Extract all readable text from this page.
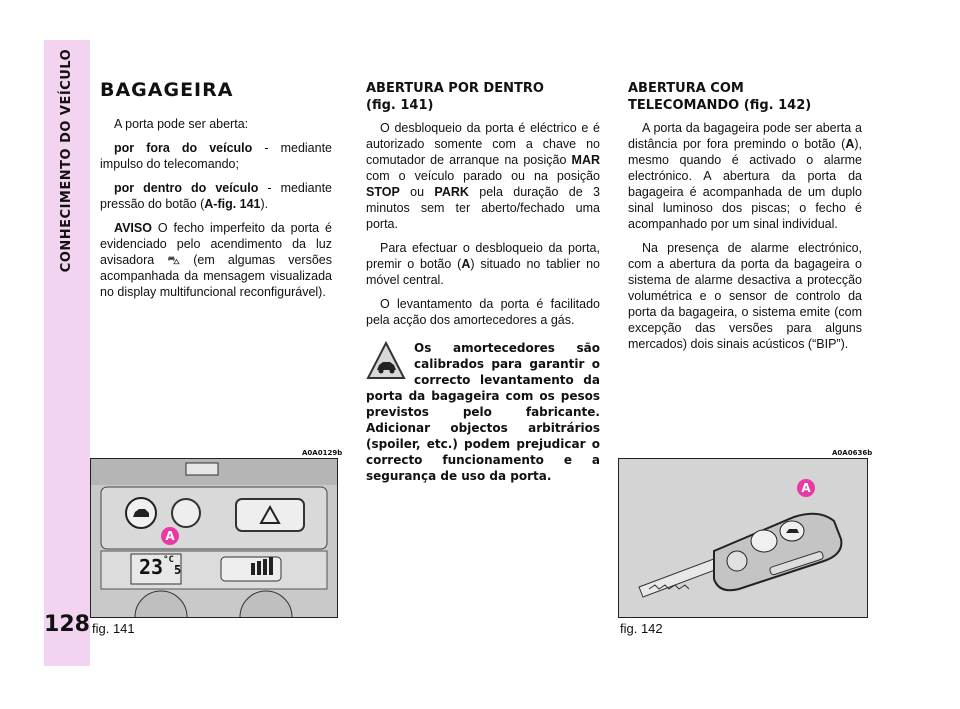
CONHECIMENTO DO VEÍCULO
128
BAGAGEIRA

A porta pode ser aberta:

por fora do veículo - mediante impulso do telecomando;

por dentro do veículo - mediante pressão do botão (A-fig. 141).

AVISO O fecho imperfeito da porta é evidenciado pelo acendimento da luz avisadora ⛍ (em algumas versões acompanhada da mensagem visualizada no display multifuncional reconfigurável).

ABERTURA POR DENTRO
(fig. 141)

O desbloqueio da porta é eléctrico e é autorizado somente com a chave no comutador de arranque na posição MAR com o veículo parado ou na posição STOP ou PARK pela duração de 3 minutos sem ter aberto/fechado uma porta.

Para efectuar o desbloqueio da porta, premir o botão (A) situado no tablier no móvel central.

O levantamento da porta é facilitado pela acção dos amortecedores a gás.

Os amortecedores são calibrados para garantir o correcto levantamento da porta da bagageira com os pesos previstos pelo fabricante. Adicionar objectos arbitrários (spoiler, etc.) podem prejudicar o correcto funcionamento e a segurança de uso da porta.
ABERTURA COM
TELECOMANDO (fig. 142)

A porta da bagageira pode ser aberta a distância por fora premindo o botão (A), mesmo quando é activado o alarme electrónico. A abertura da porta da bagageira é acompanhada de um duplo sinal luminoso dos piscas; o fecho é acompanhado por um sinal individual.

Na presença de alarme electrónico, com a abertura da porta da bagageira o sistema de alarme desactiva a protecção volumétrica e o sensor de controlo da porta da bagageira, o sistema emite (com excepção das versões para alguns mercados) dois sinais acústicos (“BIP”).

A0A0129b
$23^{^\circ C}5$
A
fig. 141
A0A0636b
A
fig. 142
